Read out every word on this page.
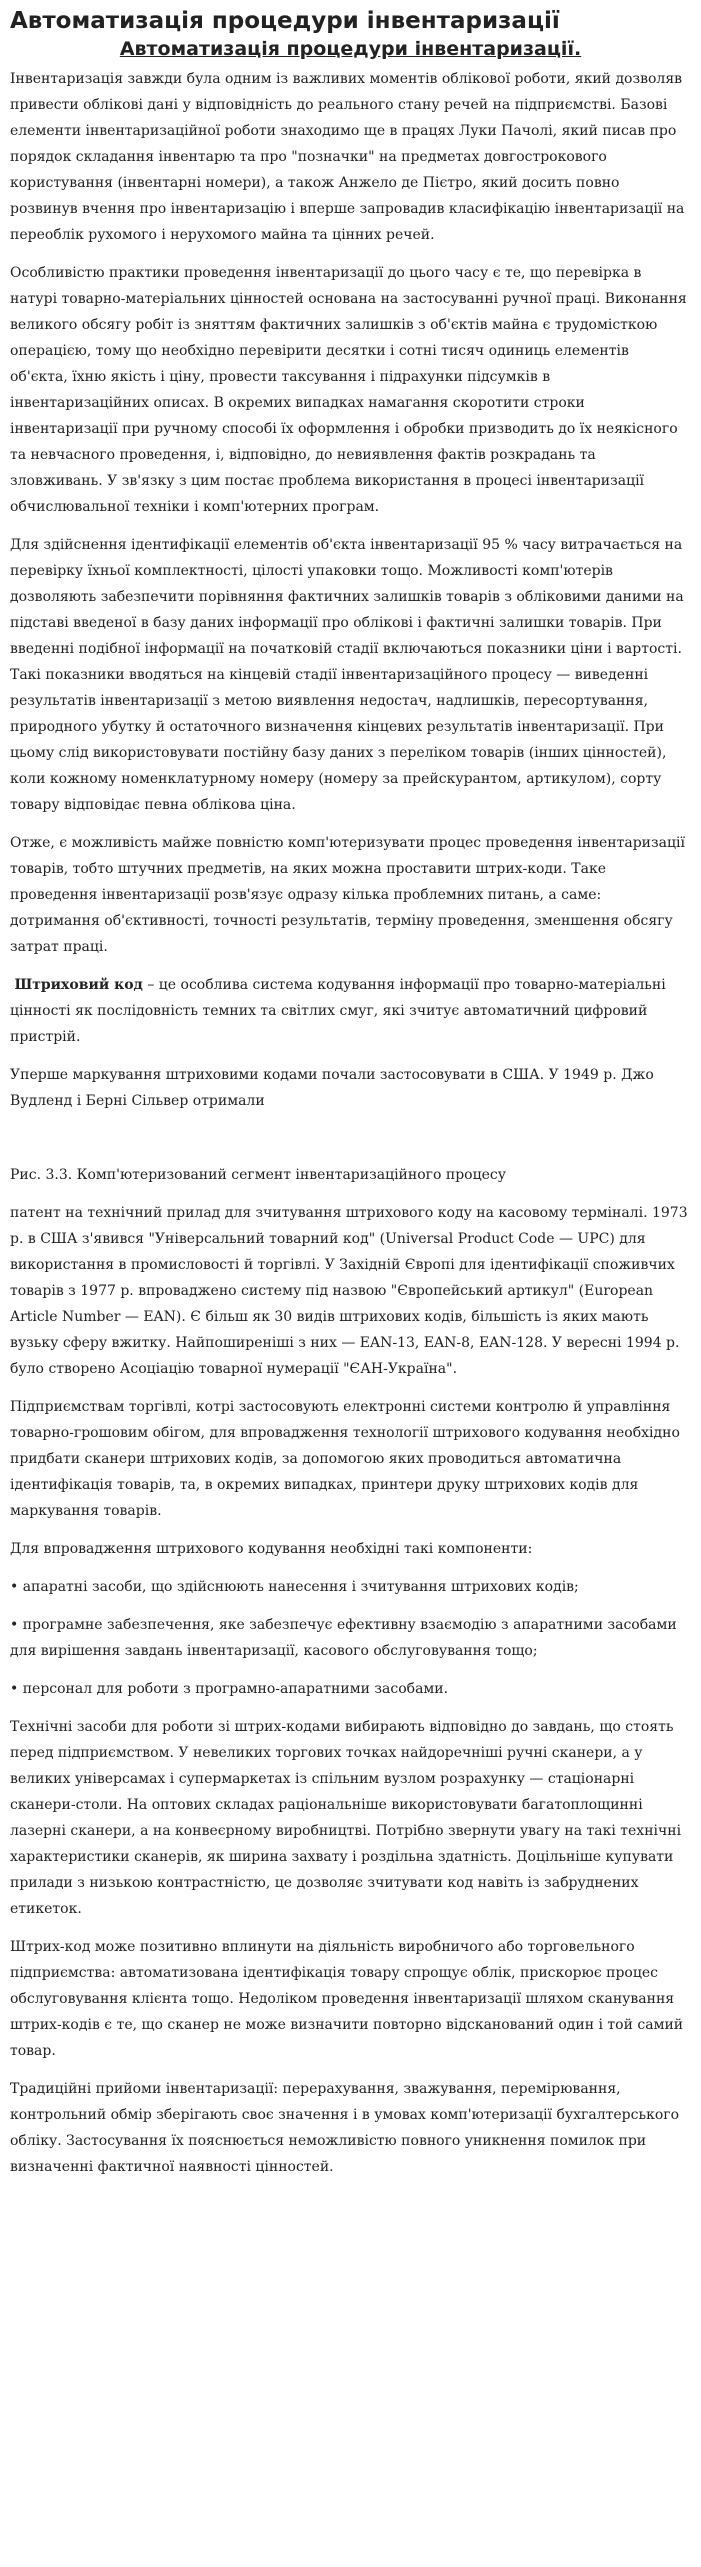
Автоматизація процедури інвентаризації
Автоматизація процедури інвентаризації.

Інвентаризація завжди була одним із важливих моментів облікової роботи, який дозволяв привести облікові дані у відповідність до реального стану речей на підприємстві. Базові елементи інвентаризаційної роботи знаходимо ще в працях Луки Пачолі, який писав про порядок складання інвентарю та про "позначки" на предметах довгострокового користування (інвентарні номери), а також Анжело де Пієтро, який досить повно розвинув вчення про інвентаризацію і вперше запровадив класифікацію інвентаризації на переоблік рухомого і нерухомого майна та цінних речей.

Особливістю практики проведення інвентаризації до цього часу є те, що перевірка в натурі товарно-матеріальних цінностей основана на застосуванні ручної праці. Виконання великого обсягу робіт із зняттям фактичних залишків з об'єктів майна є трудомісткою операцією, тому що необхідно перевірити десятки і сотні тисяч одиниць елементів об'єкта, їхню якість і ціну, провести таксування і підрахунки підсумків в інвентаризаційних описах. В окремих випадках намагання скоротити строки інвентаризації при ручному способі їх оформлення і обробки призводить до їх неякісного та невчасного проведення, і, відповідно, до невиявлення фактів розкрадань та зловживань. У зв'язку з цим постає проблема використання в процесі інвентаризації обчислювальної техніки і комп'ютерних програм.

Для здійснення ідентифікації елементів об'єкта інвентаризації 95 % часу витрачається на перевірку їхньої комплектності, цілості упаковки тощо. Можливості комп'ютерів дозволяють забезпечити порівняння фактичних залишків товарів з обліковими даними на підставі введеної в базу даних інформації про облікові і фактичні залишки товарів. При введенні подібної інформації на початковій стадії включаються показники ціни і вартості. Такі показники вводяться на кінцевій стадії інвентаризаційного процесу — виведенні результатів інвентаризації з метою виявлення недостач, надлишків, пересортування, природного убутку й остаточного визначення кінцевих результатів інвентаризації. При цьому слід використовувати постійну базу даних з переліком товарів (інших цінностей), коли кожному номенклатурному номеру (номеру за прейскурантом, артикулом), сорту товару відповідає певна облікова ціна.

Отже, є можливість майже повністю комп'ютеризувати процес проведення інвентаризації товарів, тобто штучних предметів, на яких можна проставити штрих-коди. Таке проведення інвентаризації розв'язує одразу кілька проблемних питань, а саме: дотримання об'єктивності, точності результатів, терміну проведення, зменшення обсягу затрат праці.

Штриховий код – це особлива система кодування інформації про товарно-матеріальні цінності як послідовність темних та світлих смуг, які зчитує автоматичний цифровий пристрій.

Уперше маркування штриховими кодами почали застосовувати в США. У 1949 р. Джо Вудленд і Берні Сільвер отримали

Рис. 3.3. Комп'ютеризований сегмент інвентаризаційного процесу

патент на технічний прилад для зчитування штрихового коду на касовому терміналі. 1973 р. в США з'явився "Універсальний товарний код" (Universal Product Code — UPC) для використання в промисловості й торгівлі. У Західній Європі для ідентифікації споживчих товарів з 1977 р. впроваджено систему під назвою "Європейський артикул" (European Article Number — EAN). Є більш як 30 видів штрихових кодів, більшість із яких мають вузьку сферу вжитку. Найпоширеніші з них — EAN-13, EAN-8, EAN-128. У вересні 1994 р. було створено Асоціацію товарної нумерації "ЄАН-Україна".

Підприємствам торгівлі, котрі застосовують електронні системи контролю й управління товарно-грошовим обігом, для впровадження технології штрихового кодування необхідно придбати сканери штрихових кодів, за допомогою яких проводиться автоматична ідентифікація товарів, та, в окремих випадках, принтери друку штрихових кодів для маркування товарів.

Для впровадження штрихового кодування необхідні такі компоненти:

• апаратні засоби, що здійснюють нанесення і зчитування штрихових кодів;

• програмне забезпечення, яке забезпечує ефективну взаємодію з апаратними засобами для вирішення завдань інвентаризації, касового обслуговування тощо;

• персонал для роботи з програмно-апаратними засобами.

Технічні засоби для роботи зі штрих-кодами вибирають відповідно до завдань, що стоять перед підприємством. У невеликих торгових точках найдоречніші ручні сканери, а у великих універсамах і супермаркетах із спільним вузлом розрахунку — стаціонарні сканери-столи. На оптових складах раціональніше використовувати багатоплощинні лазерні сканери, а на конвеєрному виробництві. Потрібно звернути увагу на такі технічні характеристики сканерів, як ширина захвату і роздільна здатність. Доцільніше купувати прилади з низькою контрастністю, це дозволяє зчитувати код навіть із забруднених етикеток.

Штрих-код може позитивно вплинути на діяльність виробничого або торговельного підприємства: автоматизована ідентифікація товару спрощує облік, прискорює процес обслуговування клієнта тощо. Недоліком проведення інвентаризації шляхом сканування штрих-кодів є те, що сканер не може визначити повторно відсканований один і той самий товар.

Традиційні прийоми інвентаризації: перерахування, зважування, перемірювання, контрольний обмір зберігають своє значення і в умовах комп'ютеризації бухгалтерського обліку. Застосування їх пояснюється неможливістю повного уникнення помилок при визначенні фактичної наявності цінностей.
